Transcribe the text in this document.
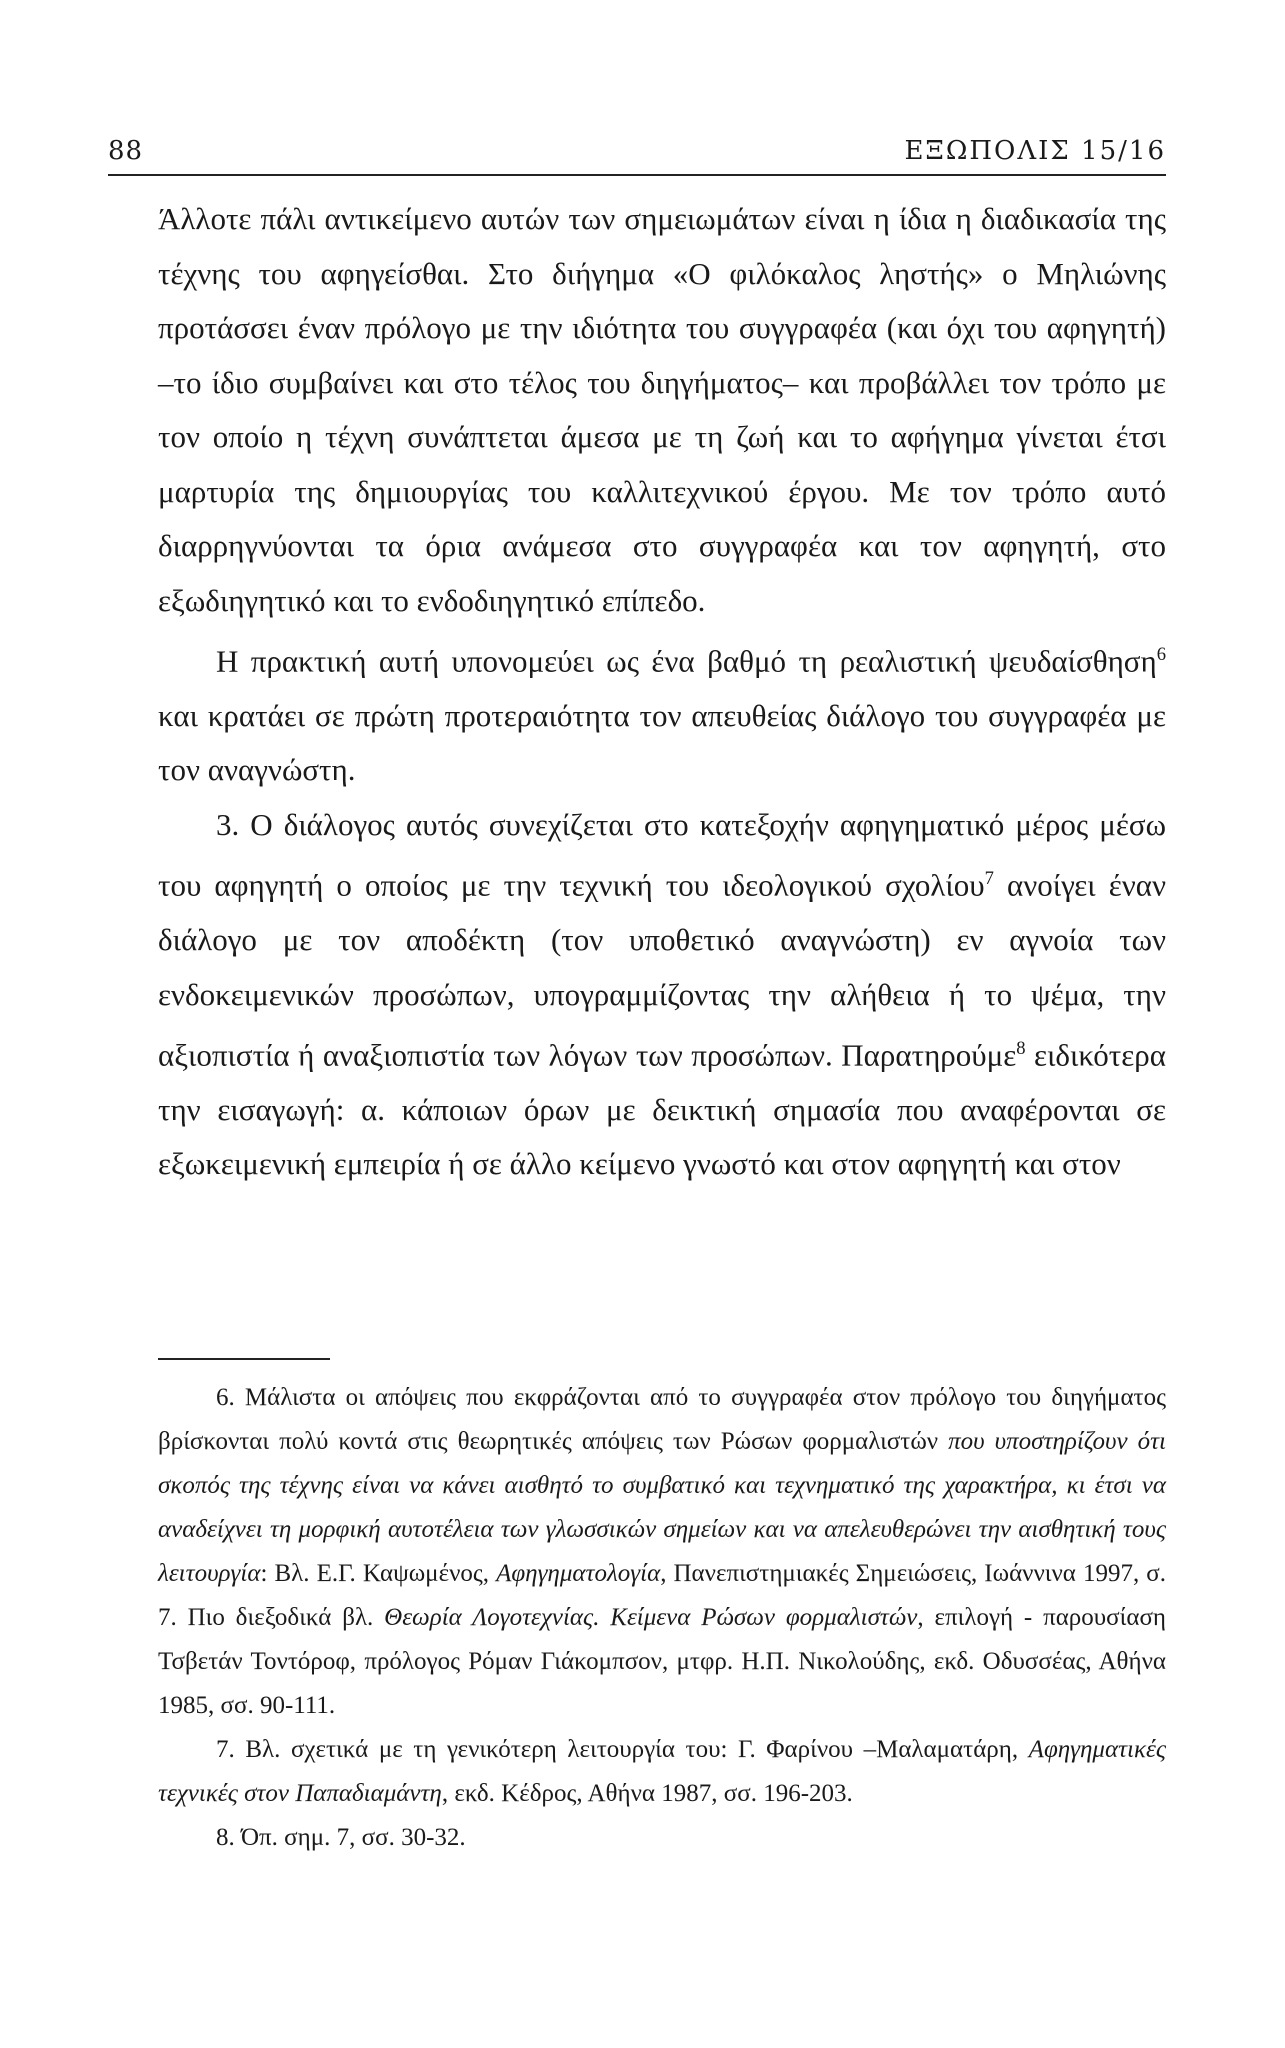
88	ΕΞΩΠΟΛΙΣ 15/16

Άλλοτε πάλι αντικείμενο αυτών των σημειωμάτων είναι η ίδια η διαδικασία της τέχνης του αφηγείσθαι. Στο διήγημα «Ο φιλόκαλος ληστής» ο Μηλιώνης προτάσσει έναν πρόλογο με την ιδιότητα του συγγραφέα (και όχι του αφηγητή) –το ίδιο συμβαίνει και στο τέλος του διηγήματος– και προβάλλει τον τρόπο με τον οποίο η τέχνη συνάπτεται άμεσα με τη ζωή και το αφήγημα γίνεται έτσι μαρτυρία της δημιουργίας του καλλιτεχνικού έργου. Με τον τρόπο αυτό διαρρηγνύονται τα όρια ανάμεσα στο συγγραφέα και τον αφηγητή, στο εξωδιηγητικό και το ενδοδιηγητικό επίπεδο.

Η πρακτική αυτή υπονομεύει ως ένα βαθμό τη ρεαλιστική ψευδαίσθηση$^6$ και κρατάει σε πρώτη προτεραιότητα τον απευθείας διάλογο του συγγραφέα με τον αναγνώστη.

3. Ο διάλογος αυτός συνεχίζεται στο κατεξοχήν αφηγηματικό μέρος μέσω του αφηγητή ο οποίος με την τεχνική του ιδεολογικού σχολίου$^7$ ανοίγει έναν διάλογο με τον αποδέκτη (τον υποθετικό αναγνώστη) εν αγνοία των ενδοκειμενικών προσώπων, υπογραμμίζοντας την αλήθεια ή το ψέμα, την αξιοπιστία ή αναξιοπιστία των λόγων των προσώπων. Παρατηρούμε$^8$ ειδικότερα την εισαγωγή: α. κάποιων όρων με δεικτική σημασία που αναφέρονται σε εξωκειμενική εμπειρία ή σε άλλο κείμενο γνωστό και στον αφηγητή και στον

6. Μάλιστα οι απόψεις που εκφράζονται από το συγγραφέα στον πρόλογο του διηγήματος βρίσκονται πολύ κοντά στις θεωρητικές απόψεις των Ρώσων φορμαλιστών που υποστηρίζουν ότι σκοπός της τέχνης είναι να κάνει αισθητό το συμβατικό και τεχνηματικό της χαρακτήρα, κι έτσι να αναδείχνει τη μορφική αυτοτέλεια των γλωσσικών σημείων και να απελευθερώνει την αισθητική τους λειτουργία: Βλ. Ε.Γ. Καψωμένος, Αφηγηματολογία, Πανεπιστημιακές Σημειώσεις, Ιωάννινα 1997, σ. 7. Πιο διεξοδικά βλ. Θεωρία Λογοτεχνίας. Κείμενα Ρώσων φορμαλιστών, επιλογή - παρουσίαση Τσβετάν Τοντόροφ, πρόλογος Ρόμαν Γιάκομπσον, μτφρ. Η.Π. Νικολούδης, εκδ. Οδυσσέας, Αθήνα 1985, σσ. 90-111.

7. Βλ. σχετικά με τη γενικότερη λειτουργία του: Γ. Φαρίνου –Μαλαματάρη, Αφηγηματικές τεχνικές στον Παπαδιαμάντη, εκδ. Κέδρος, Αθήνα 1987, σσ. 196-203.

8. Όπ. σημ. 7, σσ. 30-32.
